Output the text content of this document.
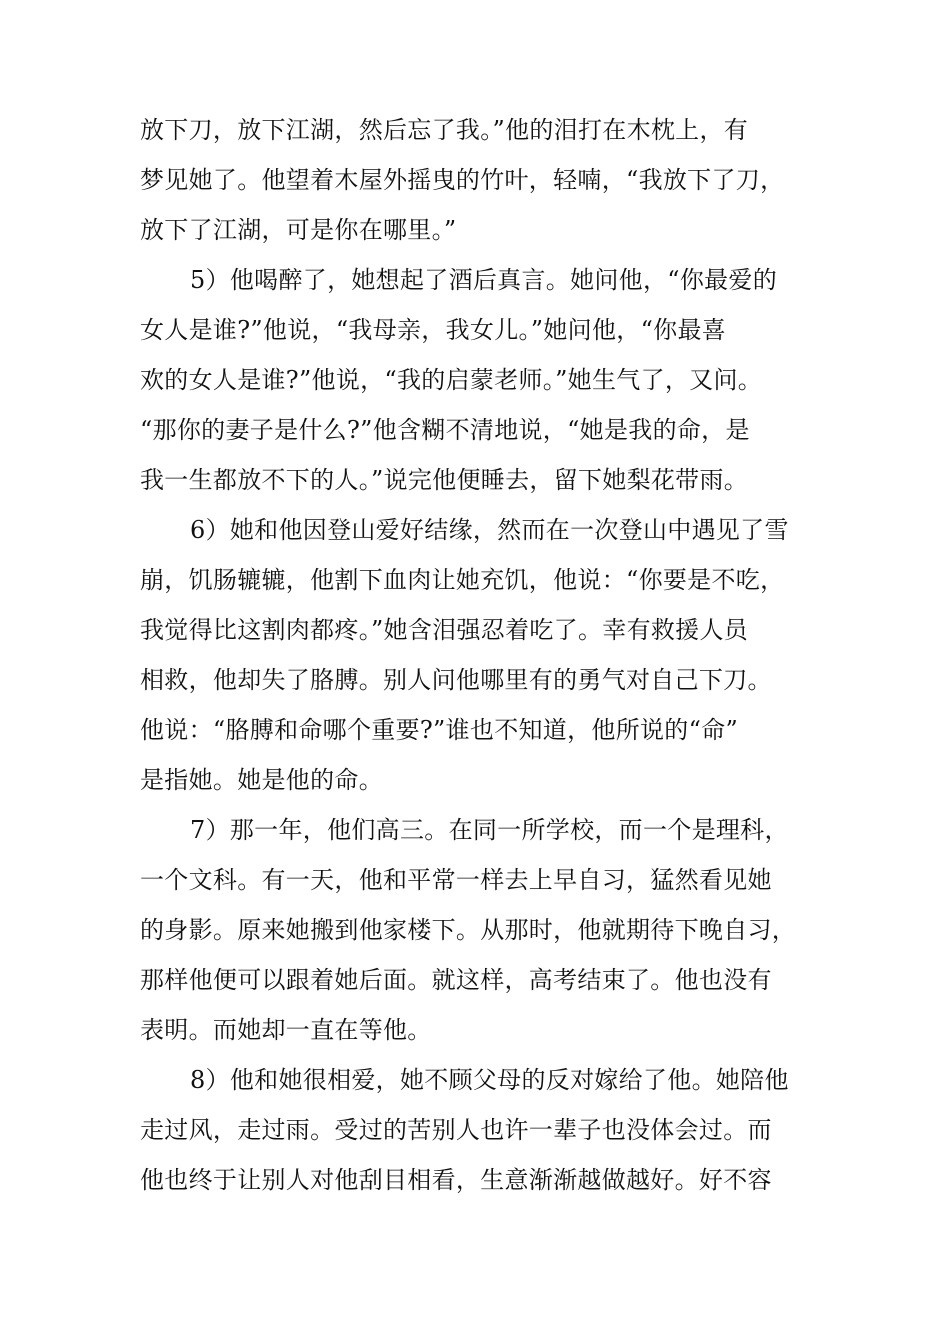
放下刀，放下江湖，然后忘了我。”他的泪打在木枕上，有
梦见她了。他望着木屋外摇曳的竹叶，轻喃，“我放下了刀，
放下了江湖，可是你在哪里。”
5）他喝醉了，她想起了酒后真言。她问他，“你最爱的
女人是谁?”他说，“我母亲，我女儿。”她问他，“你最喜
欢的女人是谁?”他说，“我的启蒙老师。”她生气了，又问。
“那你的妻子是什么?”他含糊不清地说，“她是我的命，是
我一生都放不下的人。”说完他便睡去，留下她梨花带雨。
6）她和他因登山爱好结缘，然而在一次登山中遇见了雪
崩，饥肠辘辘，他割下血肉让她充饥，他说：“你要是不吃，
我觉得比这割肉都疼。”她含泪强忍着吃了。幸有救援人员
相救，他却失了胳膊。别人问他哪里有的勇气对自己下刀。
他说：“胳膊和命哪个重要?”谁也不知道，他所说的“命”
是指她。她是他的命。
7）那一年，他们高三。在同一所学校，而一个是理科，
一个文科。有一天，他和平常一样去上早自习，猛然看见她
的身影。原来她搬到他家楼下。从那时，他就期待下晚自习，
那样他便可以跟着她后面。就这样，高考结束了。他也没有
表明。而她却一直在等他。
8）他和她很相爱，她不顾父母的反对嫁给了他。她陪他
走过风，走过雨。受过的苦别人也许一辈子也没体会过。而
他也终于让别人对他刮目相看，生意渐渐越做越好。好不容
